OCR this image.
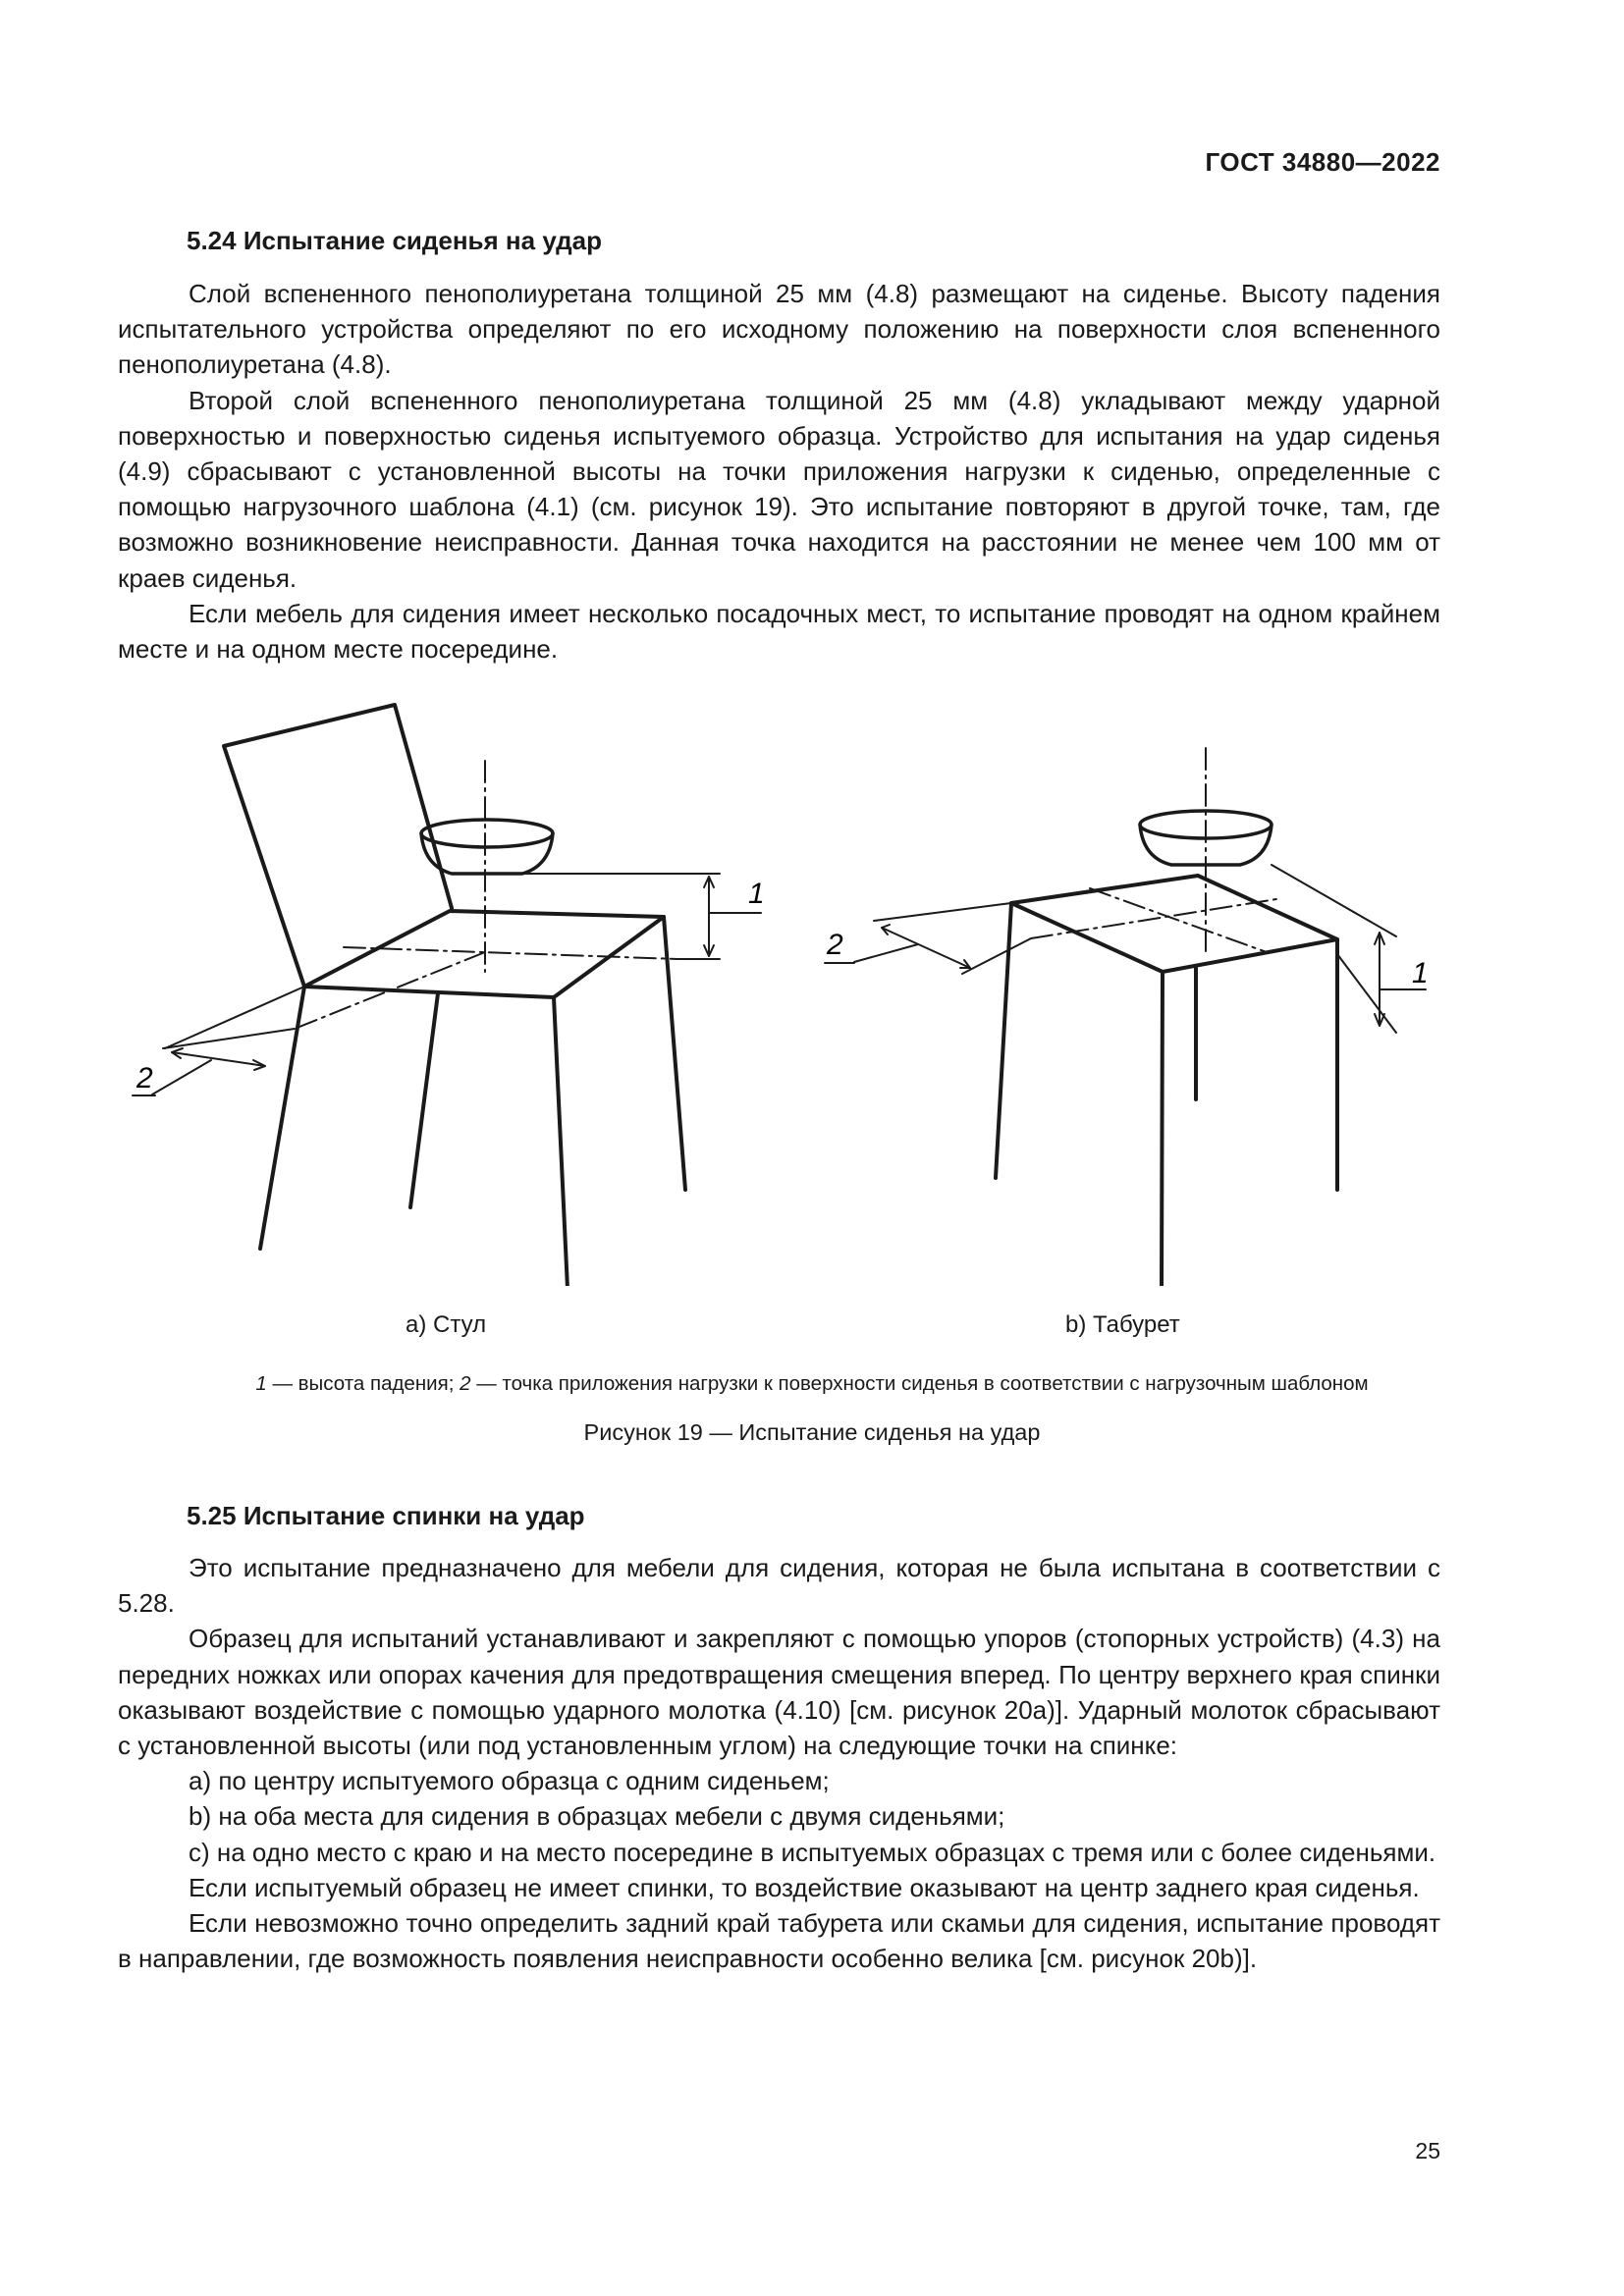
ГОСТ 34880—2022
5.24 Испытание сиденья на удар

Слой вспененного пенополиуретана толщиной 25 мм (4.8) размещают на сиденье. Высоту падения испытательного устройства определяют по его исходному положению на поверхности слоя вспененного пенополиуретана (4.8).

Второй слой вспененного пенополиуретана толщиной 25 мм (4.8) укладывают между ударной поверхностью и поверхностью сиденья испытуемого образца. Устройство для испытания на удар сиденья (4.9) сбрасывают с установленной высоты на точки приложения нагрузки к сиденью, определенные с помощью нагрузочного шаблона (4.1) (см. рисунок 19). Это испытание повторяют в другой точке, там, где возможно возникновение неисправности. Данная точка находится на расстоянии не менее чем 100 мм от краев сиденья.

Если мебель для сидения имеет несколько посадочных мест, то испытание проводят на одном крайнем месте и на одном месте посередине.

1
2
2
1
a) Стул	b) Табурет
1 — высота падения; 2 — точка приложения нагрузки к поверхности сиденья в соответствии с нагрузочным шаблоном
Рисунок 19 — Испытание сиденья на удар
5.25 Испытание спинки на удар

Это испытание предназначено для мебели для сидения, которая не была испытана в соответствии с 5.28.

Образец для испытаний устанавливают и закрепляют с помощью упоров (стопорных устройств) (4.3) на передних ножках или опорах качения для предотвращения смещения вперед. По центру верхнего края спинки оказывают воздействие с помощью ударного молотка (4.10) [см. рисунок 20a)]. Ударный молоток сбрасывают с установленной высоты (или под установленным углом) на следующие точки на спинке:

а) по центру испытуемого образца с одним сиденьем;

b) на оба места для сидения в образцах мебели с двумя сиденьями;

с) на одно место с краю и на место посередине в испытуемых образцах с тремя или с более сиденьями.

Если испытуемый образец не имеет спинки, то воздействие оказывают на центр заднего края сиденья.

Если невозможно точно определить задний край табурета или скамьи для сидения, испытание проводят в направлении, где возможность появления неисправности особенно велика [см. рисунок 20b)].

25
